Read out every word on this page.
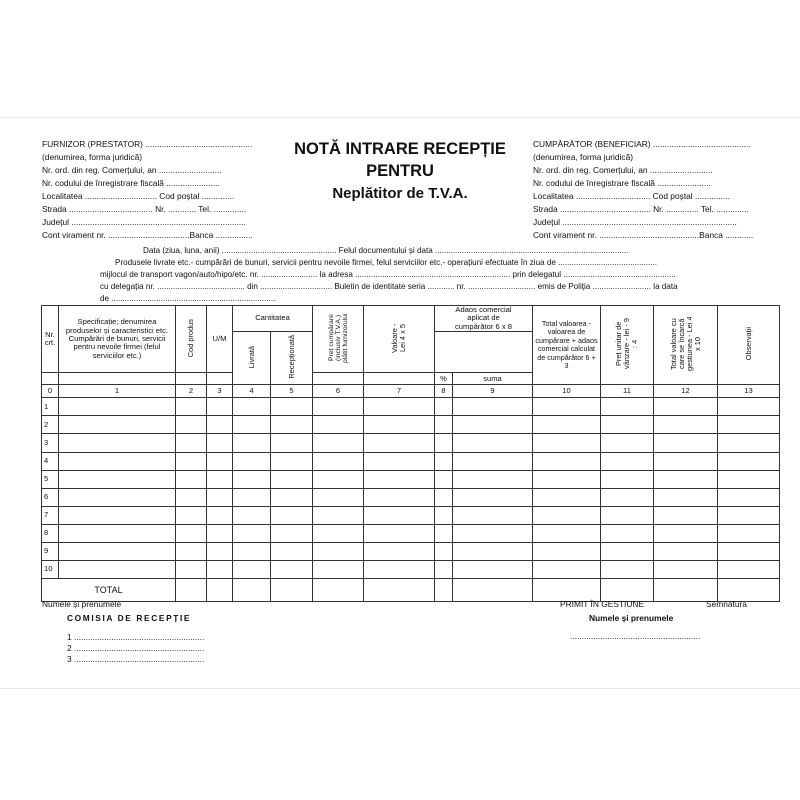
NOTĂ INTRARE RECEPȚIE
PENTRU
Neplătitor de T.V.A.
FURNIZOR (PRESTATOR) ..............................................
(denumirea, forma juridică)
Nr. ord. din reg. Comerțului, an ...........................
Nr. codului de înregistrare fiscală .......................
Localitatea ............................... Cod poștal ..............
Strada .................................... Nr. ............ Tel. ..............
Județul ...........................................................................
Cont virament nr. ...................................Banca ................
CUMPĂRĂTOR (BENEFICIAR) ..........................................
(denumirea, forma juridică)
Nr. ord. din reg. Comerțului, an ...........................
Nr. codului de înregistrare fiscală .......................
Localitatea ................................ Cod poștal ...............
Strada ....................................... Nr. .............. Tel. ..............
Județul ...........................................................................
Cont virament nr. ...........................................Banca ............
Data (ziua, luna, anii) ................................................... Felul documentului și data ......................................................................................
Produsele livrate etc.- cumpărări de bunuri, servicii pentru nevoile firmei, felul serviciilor etc.- operațiuni efectuate în ziua de ............................................
mijlocul de transport vagon/auto/hipo/etc. nr. ......................... la adresa ..................................................................... prin delegatul ..................................................
cu delegația nr. ....................................... din ................................ Buletin de identitate seria ............ nr. .............................. emis de Poliția .......................... la data
de .........................................................................
Nr. crt.	Specificație; denumirea produselor și caracteristici etc. Cumpărări de bunuri, servicii pentru nevoile firmei (felul serviciilor etc.)	Cod produs	U/M	Cantitatea		Preț cumpărare (inclusiv T.V.A.) plătit furnizorului	Valoare - Lei 4 x 5	Adaos comercial aplicat de cumpărător 6 x 8		Total valoarea - valoarea de cumpărare + adaos comercial calculat de cumpărător 6 + 3	Preț unitar de vânzare - lei - 9 : 4	Total valoare cu care se încarcă gestiunea - Lei 4 x 10	Observații
				Livrată	Recepționată								
								%	suma				
0	1	2	3	4	5	6	7	8	9	10	11	12	13
1													
2													
3													
4													
5													
6													
7													
8													
9													
10													
TOTAL													
Numele și prenumele	PRIMIT ÎN GESTIUNE	Semnătura
COMISIA DE RECEPȚIE	Numele și prenumele
1 ........................................................
2 ........................................................
3 ........................................................
........................................................
